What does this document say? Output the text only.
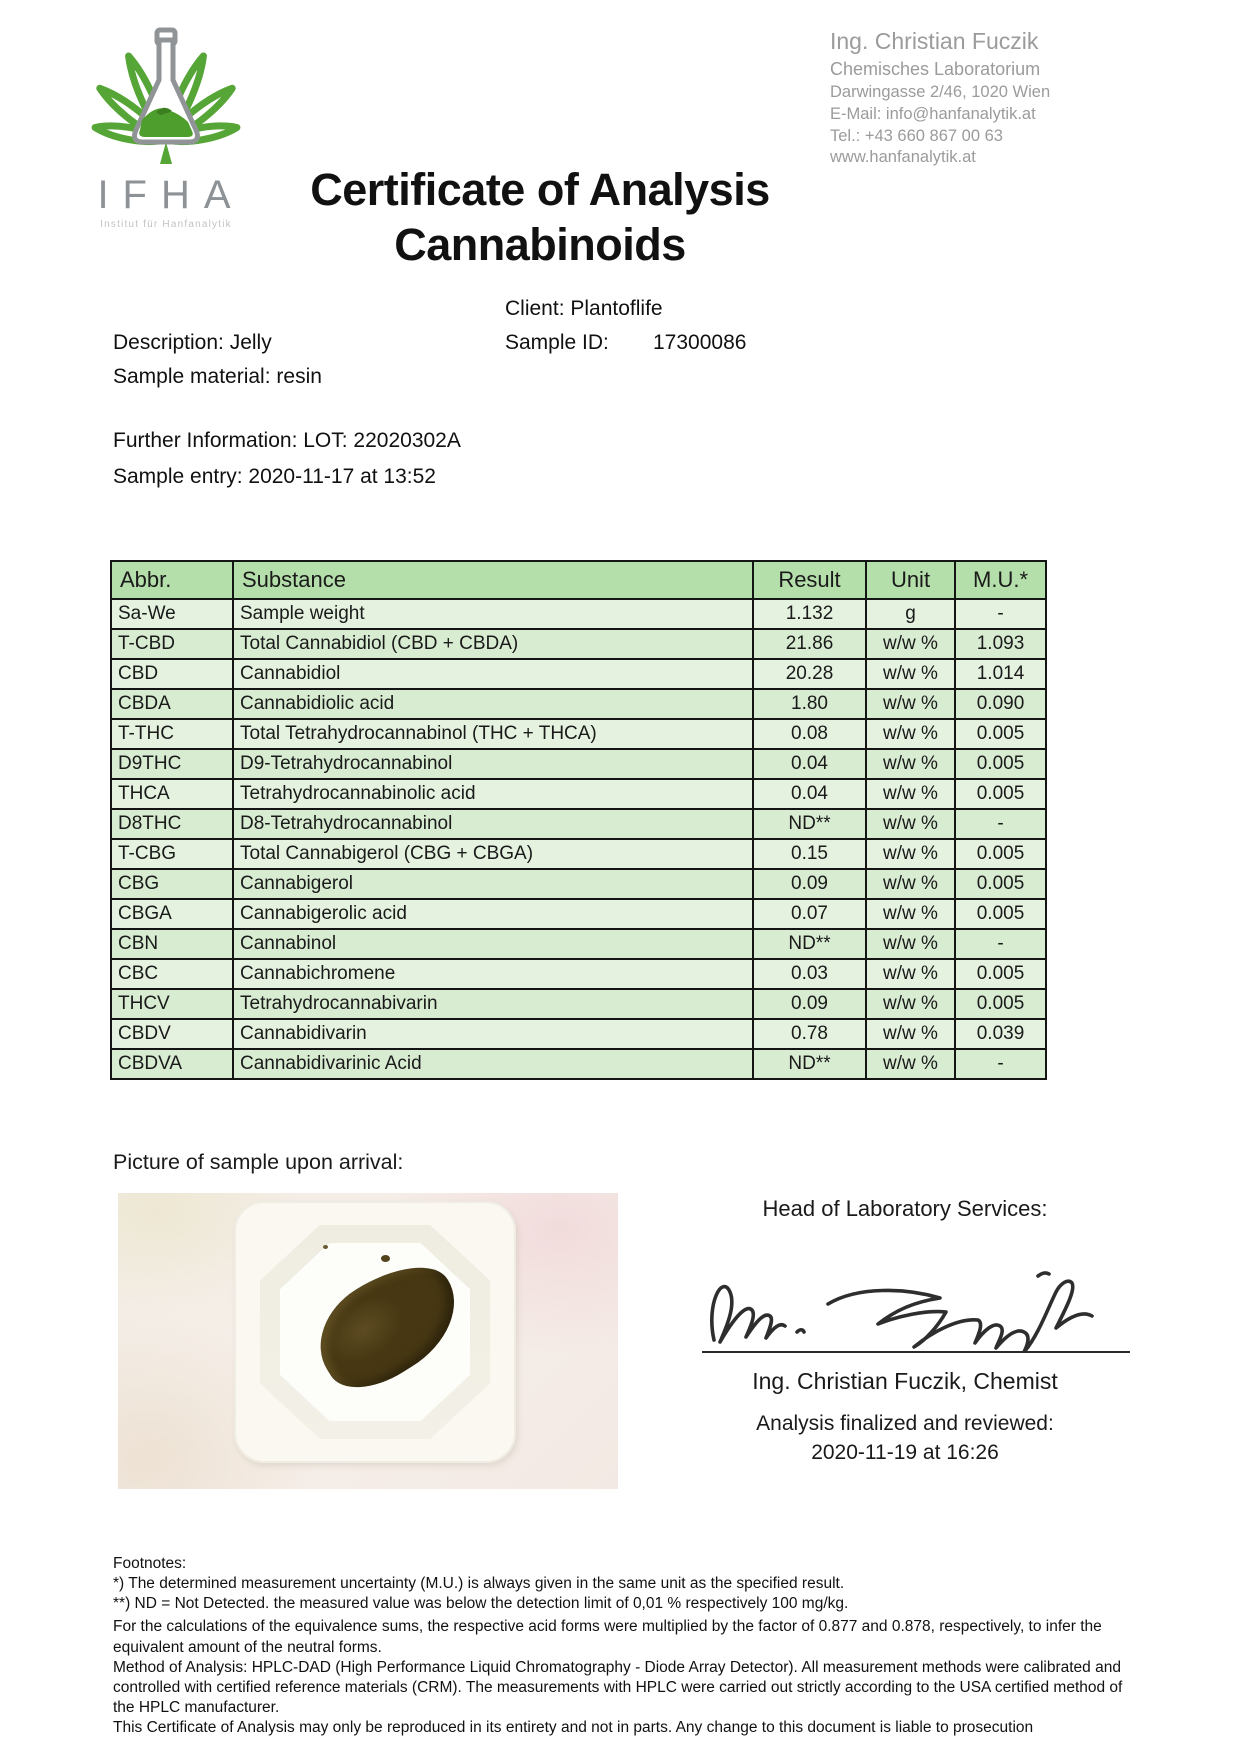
Ing. Christian Fuczik
Chemisches Laboratorium
Darwingasse 2/46, 1020 Wien
E-Mail: info@hanfanalytik.at
Tel.: +43 660 867 00 63
www.hanfanalytik.at
IFHA
Institut für Hanfanalytik
Certificate of Analysis
Cannabinoids
Client: Plantoflife
Description: Jelly	Sample ID: 17300086
Sample material: resin
Further Information: LOT: 22020302A
Sample entry: 2020-11-17 at 13:52
Abbr.	Substance	Result	Unit	M.U.*
Sa-We	Sample weight	1.132	g	-
T-CBD	Total Cannabidiol (CBD + CBDA)	21.86	w/w %	1.093
CBD	Cannabidiol	20.28	w/w %	1.014
CBDA	Cannabidiolic acid	1.80	w/w %	0.090
T-THC	Total Tetrahydrocannabinol (THC + THCA)	0.08	w/w %	0.005
D9THC	D9-Tetrahydrocannabinol	0.04	w/w %	0.005
THCA	Tetrahydrocannabinolic acid	0.04	w/w %	0.005
D8THC	D8-Tetrahydrocannabinol	ND**	w/w %	-
T-CBG	Total Cannabigerol (CBG + CBGA)	0.15	w/w %	0.005
CBG	Cannabigerol	0.09	w/w %	0.005
CBGA	Cannabigerolic acid	0.07	w/w %	0.005
CBN	Cannabinol	ND**	w/w %	-
CBC	Cannabichromene	0.03	w/w %	0.005
THCV	Tetrahydrocannabivarin	0.09	w/w %	0.005
CBDV	Cannabidivarin	0.78	w/w %	0.039
CBDVA	Cannabidivarinic Acid	ND**	w/w %	-
Picture of sample upon arrival:
Head of Laboratory Services:
Ing. Christian Fuczik, Chemist
Analysis finalized and reviewed:
2020-11-19 at 16:26

Footnotes:

*) The determined measurement uncertainty (M.U.) is always given in the same unit as the specified result.

**) ND = Not Detected. the measured value was below the detection limit of 0,01 % respectively 100 mg/kg.

For the calculations of the equivalence sums, the respective acid forms were multiplied by the factor of 0.877 and 0.878, respectively, to infer the equivalent amount of the neutral forms.

Method of Analysis: HPLC-DAD (High Performance Liquid Chromatography - Diode Array Detector). All measurement methods were calibrated and controlled with certified reference materials (CRM). The measurements with HPLC were carried out strictly according to the USA certified method of the HPLC manufacturer.

This Certificate of Analysis may only be reproduced in its entirety and not in parts. Any change to this document is liable to prosecution
